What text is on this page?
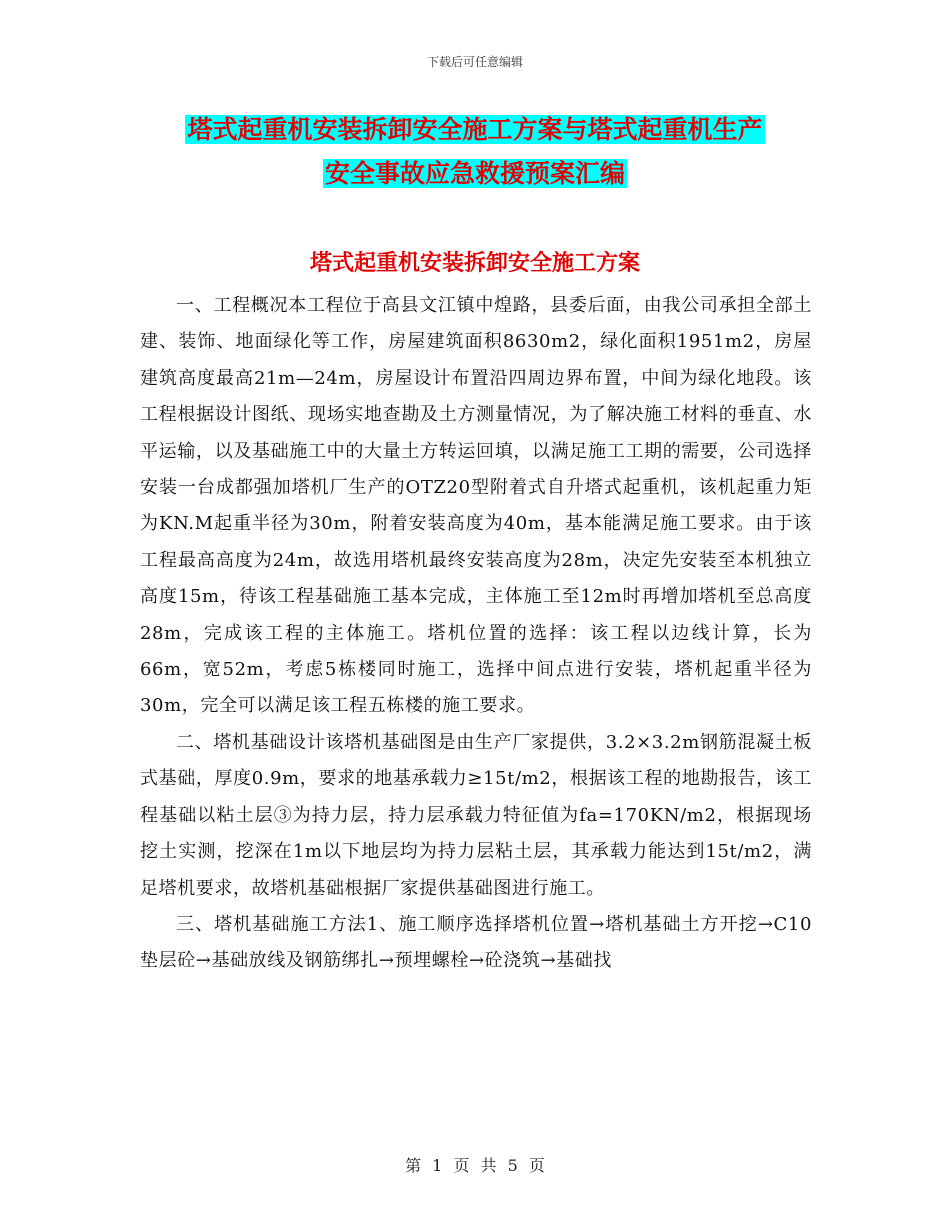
下载后可任意编辑
塔式起重机安装拆卸安全施工方案与塔式起重机生产
安全事故应急救援预案汇编
塔式起重机安装拆卸安全施工方案

一、工程概况本工程位于高县文江镇中煌路，县委后面，由我公司承担全部土建、装饰、地面绿化等工作，房屋建筑面积8630m2，绿化面积1951m2，房屋建筑高度最高21m—24m，房屋设计布置沿四周边界布置，中间为绿化地段。该工程根据设计图纸、现场实地查勘及土方测量情况，为了解决施工材料的垂直、水平运输，以及基础施工中的大量土方转运回填，以满足施工工期的需要，公司选择安装一台成都强加塔机厂生产的OTZ20型附着式自升塔式起重机，该机起重力矩为KN.M起重半径为30m，附着安装高度为40m，基本能满足施工要求。由于该工程最高高度为24m，故选用塔机最终安装高度为28m，决定先安装至本机独立高度15m，待该工程基础施工基本完成，主体施工至12m时再增加塔机至总高度28m，完成该工程的主体施工。塔机位置的选择：该工程以边线计算，长为66m，宽52m，考虑5栋楼同时施工，选择中间点进行安装，塔机起重半径为30m，完全可以满足该工程五栋楼的施工要求。

二、塔机基础设计该塔机基础图是由生产厂家提供，3.2×3.2m钢筋混凝土板式基础，厚度0.9m，要求的地基承载力≥15t/m2，根据该工程的地勘报告，该工程基础以粘土层③为持力层，持力层承载力特征值为fa=170KN/m2，根据现场挖土实测，挖深在1m以下地层均为持力层粘土层，其承载力能达到15t/m2，满足塔机要求，故塔机基础根据厂家提供基础图进行施工。

三、塔机基础施工方法1、施工顺序选择塔机位置→塔机基础土方开挖→C10垫层砼→基础放线及钢筋绑扎→预埋螺栓→砼浇筑→基础找

第 1 页 共 5 页
